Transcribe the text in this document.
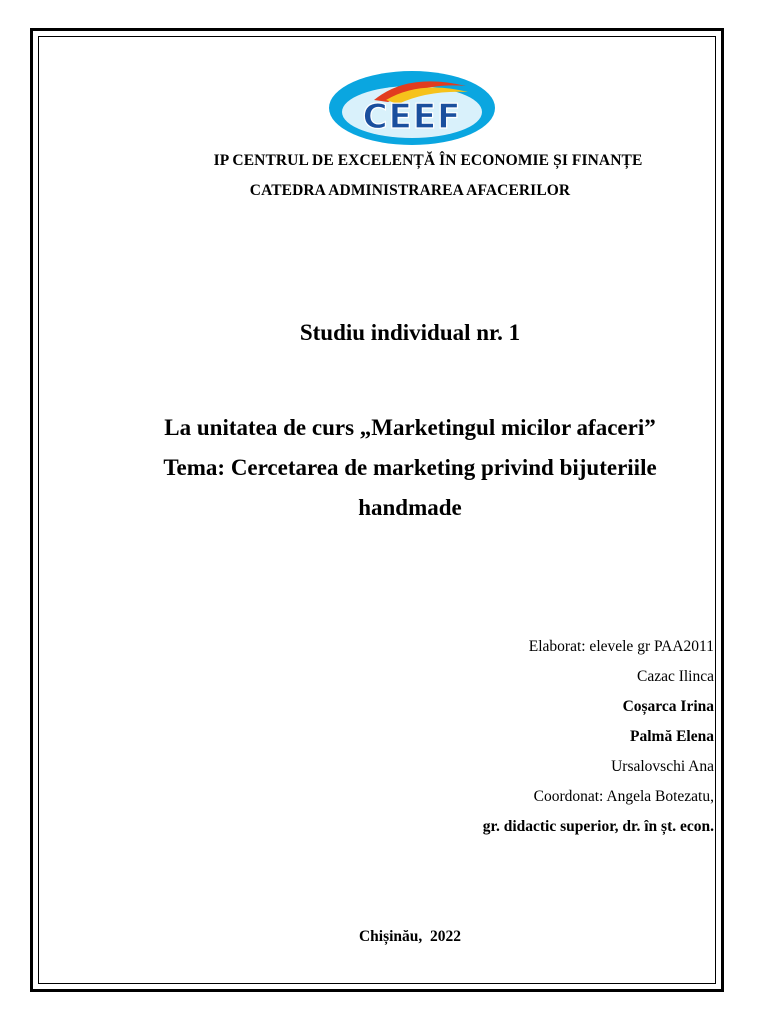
CEEF
IP CENTRUL DE EXCELENȚĂ ÎN ECONOMIE ȘI FINANȚE
CATEDRA ADMINISTRAREA AFACERILOR
Studiu individual nr. 1
La unitatea de curs „Marketingul micilor afaceri”
Tema: Cercetarea de marketing privind bijuteriile
handmade
Elaborat: elevele gr PAA2011
Cazac Ilinca
Coșarca Irina
Palmă Elena
Ursalovschi Ana
Coordonat: Angela Botezatu,
gr. didactic superior, dr. în șt. econ.
Chișinău,  2022
